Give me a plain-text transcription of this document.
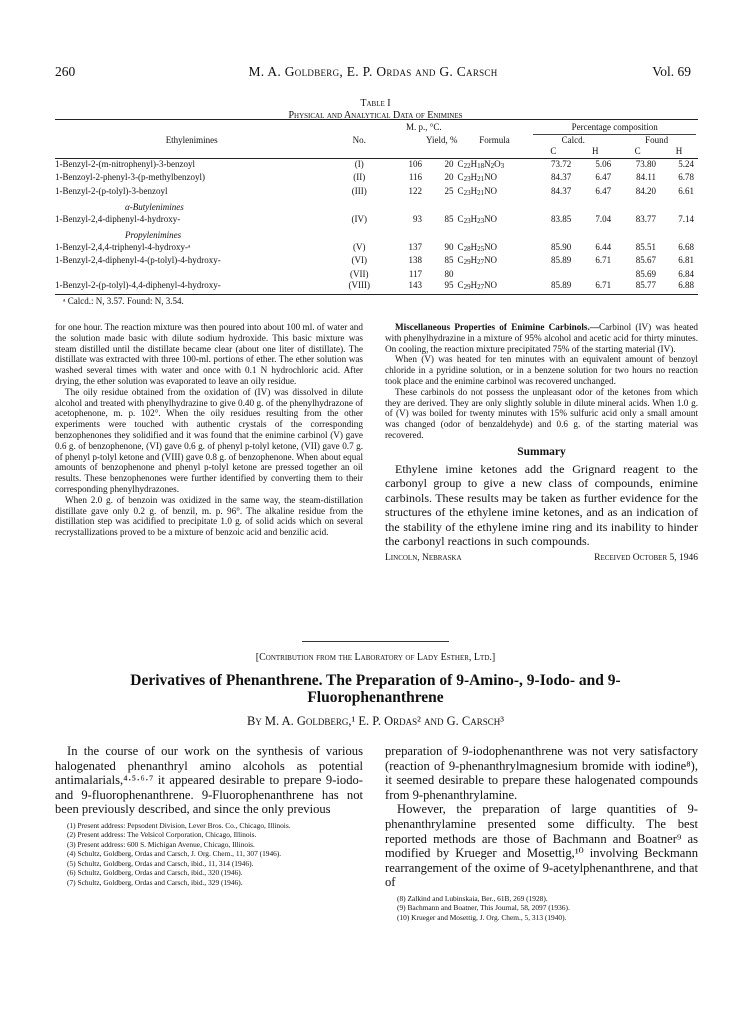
260	M. A. Goldberg, E. P. Ordas and G. Carsch	Vol. 69
Table I
Physical and Analytical Data of Enimines
		M. p., °C.			Percentage composition			

Ethylenimines	No.		Yield, %	Formula	Calcd.		Found	
					C	H	C	H
1-Benzyl-2-(m-nitrophenyl)-3-benzoyl	(I)	106	20	C22H18N2O3	73.72	5.06	73.80	5.24
1-Benzoyl-2-phenyl-3-(p-methylbenzoyl)	(II)	116	20	C23H21NO	84.37	6.47	84.11	6.78
1-Benzyl-2-(p-tolyl)-3-benzoyl	(III)	122	25	C23H21NO	84.37	6.47	84.20	6.61
α-Butylenimines								
1-Benzyl-2,4-diphenyl-4-hydroxy-	(IV)	93	85	C23H23NO	83.85	7.04	83.77	7.14
Propylenimines								
1-Benzyl-2,4,4-triphenyl-4-hydroxy-ᵃ	(V)	137	90	C28H25NO	85.90	6.44	85.51	6.68
1-Benzyl-2,4-diphenyl-4-(p-tolyl)-4-hydroxy-	(VI)	138	85	C29H27NO	85.89	6.71	85.67	6.81
	(VII)	117	80				85.69	6.84
1-Benzyl-2-(p-tolyl)-4,4-diphenyl-4-hydroxy-	(VIII)	143	95	C29H27NO	85.89	6.71	85.77	6.88
ᵃ Calcd.: N, 3.57. Found: N, 3.54.								

for one hour. The reaction mixture was then poured into about 100 ml. of water and the solution made basic with dilute sodium hydroxide. This basic mixture was steam distilled until the distillate became clear (about one liter of distillate). The distillate was extracted with three 100-ml. portions of ether. The ether solution was washed several times with water and once with 0.1 N hydrochloric acid. After drying, the ether solution was evaporated to leave an oily residue.

The oily residue obtained from the oxidation of (IV) was dissolved in dilute alcohol and treated with phenylhydrazine to give 0.40 g. of the phenylhydrazone of acetophenone, m. p. 102°. When the oily residues resulting from the other experiments were touched with authentic crystals of the corresponding benzophenones they solidified and it was found that the enimine carbinol (V) gave 0.6 g. of benzophenone, (VI) gave 0.6 g. of phenyl p-tolyl ketone, (VII) gave 0.7 g. of phenyl p-tolyl ketone and (VIII) gave 0.8 g. of benzophenone. When about equal amounts of benzophenone and phenyl p-tolyl ketone are pressed together an oil results. These benzophenones were further identified by converting them to their corresponding phenylhydrazones.

When 2.0 g. of benzoin was oxidized in the same way, the steam-distillation distillate gave only 0.2 g. of benzil, m. p. 96°. The alkaline residue from the distillation step was acidified to precipitate 1.0 g. of solid acids which on several recrystallizations proved to be a mixture of benzoic acid and benzilic acid.

Miscellaneous Properties of Enimine Carbinols.—Carbinol (IV) was heated with phenylhydrazine in a mixture of 95% alcohol and acetic acid for thirty minutes. On cooling, the reaction mixture precipitated 75% of the starting material (IV).

When (V) was heated for ten minutes with an equivalent amount of benzoyl chloride in a pyridine solution, or in a benzene solution for two hours no reaction took place and the enimine carbinol was recovered unchanged.

These carbinols do not possess the unpleasant odor of the ketones from which they are derived. They are only slightly soluble in dilute mineral acids. When 1.0 g. of (V) was boiled for twenty minutes with 15% sulfuric acid only a small amount was changed (odor of benzaldehyde) and 0.6 g. of the starting material was recovered.

Summary

Ethylene imine ketones add the Grignard reagent to the carbonyl group to give a new class of compounds, enimine carbinols. These results may be taken as further evidence for the structures of the ethylene imine ketones, and as an indication of the stability of the ethylene imine ring and its inability to hinder the carbonyl reactions in such compounds.

Lincoln, Nebraska	Received October 5, 1946
[Contribution from the Laboratory of Lady Esther, Ltd.]
Derivatives of Phenanthrene. The Preparation of 9-Amino-, 9-Iodo- and 9-Fluorophenanthrene
By M. A. Goldberg,¹ E. P. Ordas² and G. Carsch³

In the course of our work on the synthesis of various halogenated phenanthryl amino alcohols as potential antimalarials,⁴·⁵·⁶·⁷ it appeared desirable to prepare 9-iodo- and 9-fluorophenanthrene. 9-Fluorophenanthrene has not been previously described, and since the only previous

(1) Present address: Pepsodent Division, Lever Bros. Co., Chicago, Illinois.

(2) Present address: The Velsicol Corporation, Chicago, Illinois.

(3) Present address: 600 S. Michigan Avenue, Chicago, Illinois.

(4) Schultz, Goldberg, Ordas and Carsch, J. Org. Chem., 11, 307 (1946).

(5) Schultz, Goldberg, Ordas and Carsch, ibid., 11, 314 (1946).

(6) Schultz, Goldberg, Ordas and Carsch, ibid., 320 (1946).

(7) Schultz, Goldberg, Ordas and Carsch, ibid., 329 (1946).

preparation of 9-iodophenanthrene was not very satisfactory (reaction of 9-phenanthrylmagnesium bromide with iodine⁸), it seemed desirable to prepare these halogenated compounds from 9-phenanthrylamine.

However, the preparation of large quantities of 9-phenanthrylamine presented some difficulty. The best reported methods are those of Bachmann and Boatner⁹ as modified by Krueger and Mosettig,¹⁰ involving Beckmann rearrangement of the oxime of 9-acetylphenanthrene, and that of

(8) Zalkind and Lubinskaia, Ber., 61B, 269 (1928).

(9) Bachmann and Boatner, This Journal, 58, 2097 (1936).

(10) Krueger and Mosettig, J. Org. Chem., 5, 313 (1940).
